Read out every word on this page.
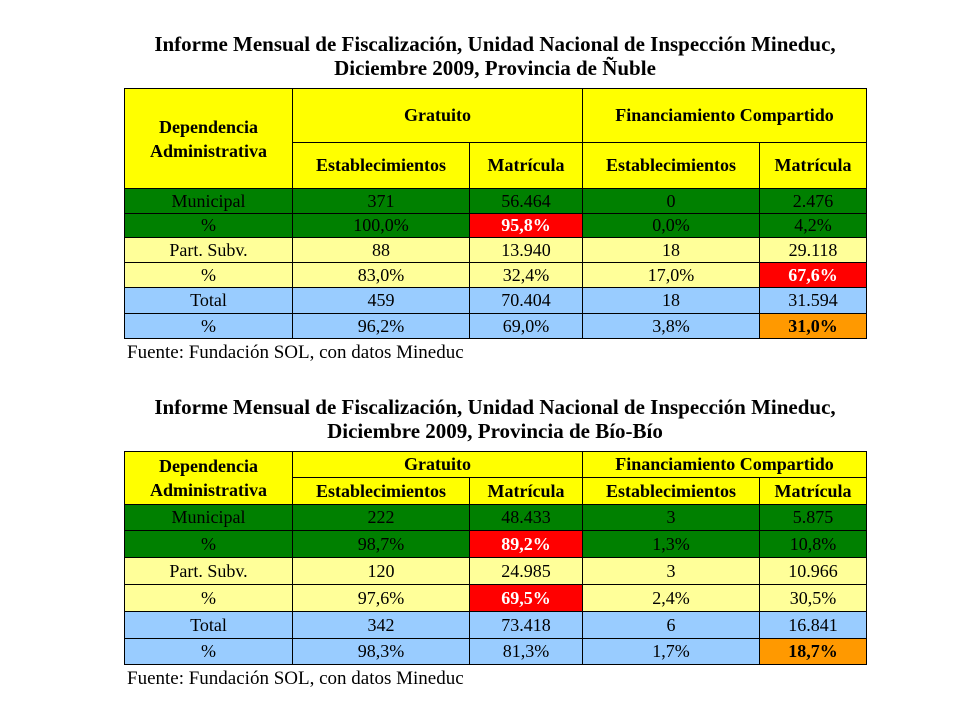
Informe Mensual de Fiscalización, Unidad Nacional de Inspección Mineduc,
Diciembre 2009, Provincia de Ñuble
Dependencia Administrativa	Gratuito		Financiamiento Compartido	
	Establecimientos	Matrícula	Establecimientos	Matrícula
Municipal	371	56.464	0	2.476
%	100,0%	95,8%	0,0%	4,2%
Part. Subv.	88	13.940	18	29.118
%	83,0%	32,4%	17,0%	67,6%
Total	459	70.404	18	31.594
%	96,2%	69,0%	3,8%	31,0%
Fuente: Fundación SOL, con datos Mineduc
Informe Mensual de Fiscalización, Unidad Nacional de Inspección Mineduc,
Diciembre 2009, Provincia de Bío-Bío
Dependencia Administrativa	Gratuito		Financiamiento Compartido	
	Establecimientos	Matrícula	Establecimientos	Matrícula
Municipal	222	48.433	3	5.875
%	98,7%	89,2%	1,3%	10,8%
Part. Subv.	120	24.985	3	10.966
%	97,6%	69,5%	2,4%	30,5%
Total	342	73.418	6	16.841
%	98,3%	81,3%	1,7%	18,7%
Fuente: Fundación SOL, con datos Mineduc
